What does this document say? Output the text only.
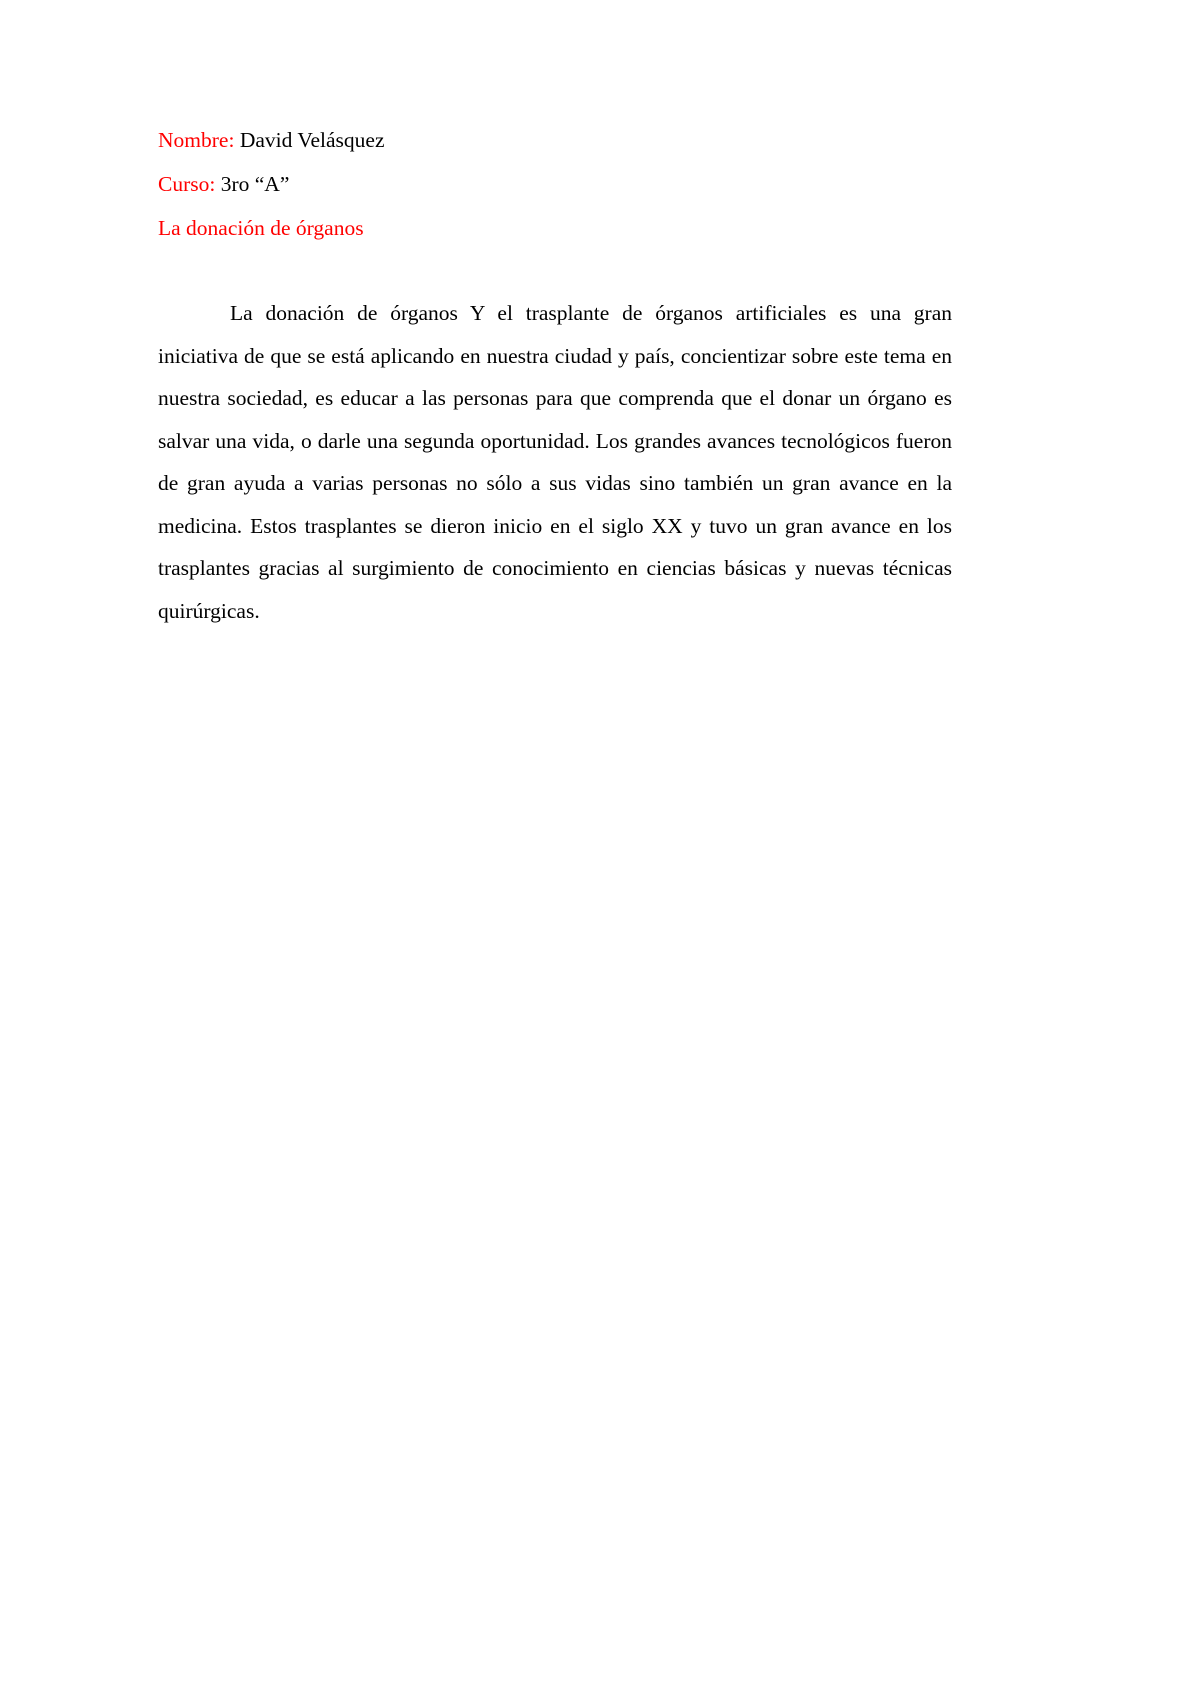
Nombre: David Velásquez
Curso: 3ro “A”
La donación de órganos

La donación de órganos Y el trasplante de órganos artificiales es una gran iniciativa de que se está aplicando en nuestra ciudad y país, concientizar sobre este tema en nuestra sociedad, es educar a las personas para que comprenda que el donar un órgano es salvar una vida, o darle una segunda oportunidad. Los grandes avances tecnológicos fueron de gran ayuda a varias personas no sólo a sus vidas sino también un gran avance en la medicina. Estos trasplantes se dieron inicio en el siglo XX y tuvo un gran avance en los trasplantes gracias al surgimiento de conocimiento en ciencias básicas y nuevas técnicas quirúrgicas.
